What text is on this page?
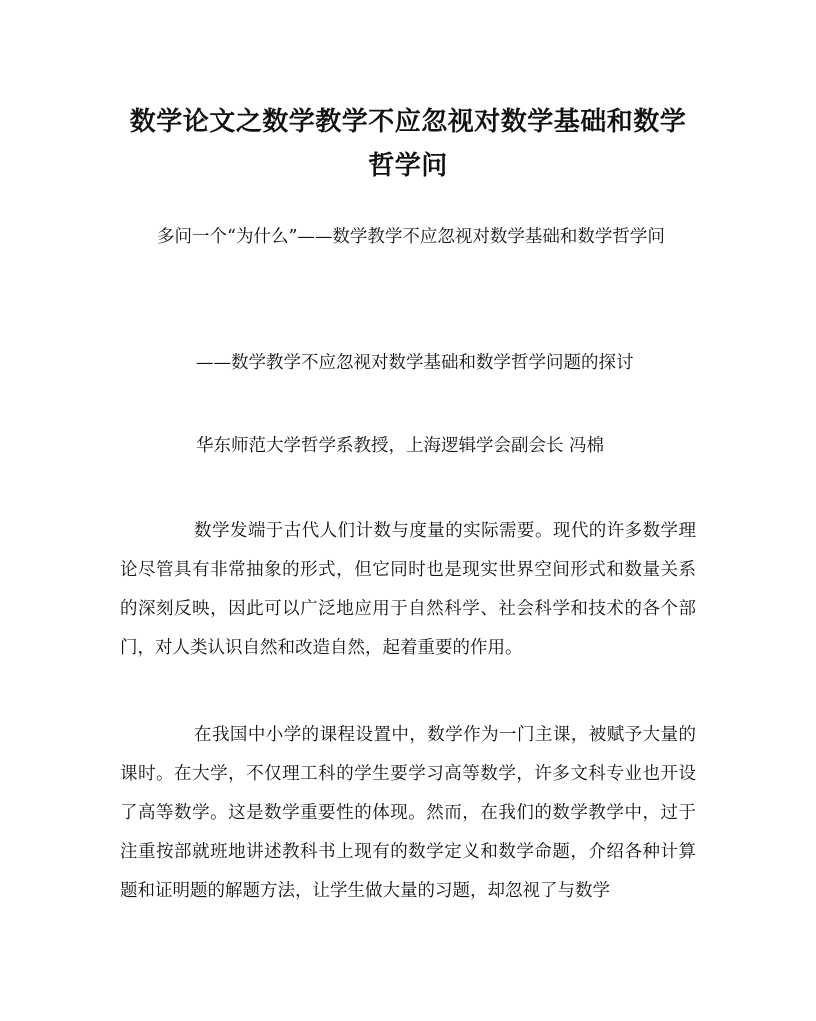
数学论文之数学教学不应忽视对数学基础和数学哲学问
多问一个“为什么”——数学教学不应忽视对数学基础和数学哲学问
——数学教学不应忽视对数学基础和数学哲学问题的探讨
华东师范大学哲学系教授，上海逻辑学会副会长 冯棉
数学发端于古代人们计数与度量的实际需要。现代的许多数学理论尽管具有非常抽象的形式，但它同时也是现实世界空间形式和数量关系的深刻反映，因此可以广泛地应用于自然科学、社会科学和技术的各个部门，对人类认识自然和改造自然，起着重要的作用。
在我国中小学的课程设置中，数学作为一门主课，被赋予大量的课时。在大学，不仅理工科的学生要学习高等数学，许多文科专业也开设了高等数学。这是数学重要性的体现。然而，在我们的数学教学中，过于注重按部就班地讲述教科书上现有的数学定义和数学命题，介绍各种计算题和证明题的解题方法，让学生做大量的习题，却忽视了与数学
